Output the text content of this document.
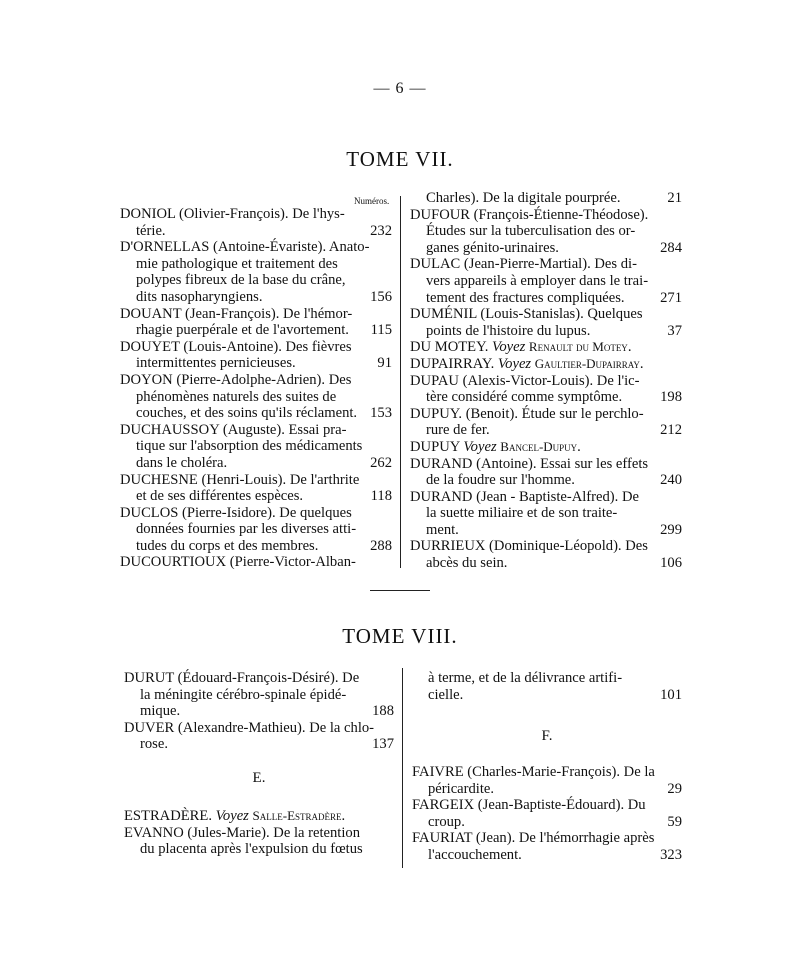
— 6 —
TOME VII.
Numéros.
DONIOL (Olivier-François). De l'hys-
térie.	232
D'ORNELLAS (Antoine-Évariste). Anato-
mie pathologique et traitement des
polypes fibreux de la base du crâne,
dits nasopharyngiens.	156
DOUANT (Jean-François). De l'hémor-
rhagie puerpérale et de l'avortement.	115
DOUYET (Louis-Antoine). Des fièvres
intermittentes pernicieuses.	91
DOYON (Pierre-Adolphe-Adrien). Des
phénomènes naturels des suites de
couches, et des soins qu'ils réclament. 153
DUCHAUSSOY (Auguste). Essai pra-
tique sur l'absorption des médicaments
dans le choléra.	262
DUCHESNE (Henri-Louis). De l'arthrite
et de ses différentes espèces.	118
DUCLOS (Pierre-Isidore). De quelques
données fournies par les diverses atti-
tudes du corps et des membres.	288
DUCOURTIOUX (Pierre-Victor-Alban-
Charles). De la digitale pourprée.	21
DUFOUR (François-Étienne-Théodose).
Études sur la tuberculisation des or-
ganes génito-urinaires.	284
DULAC (Jean-Pierre-Martial). Des di-
vers appareils à employer dans le trai-
tement des fractures compliquées.	271
DUMÉNIL (Louis-Stanislas). Quelques
points de l'histoire du lupus.	37
DU MOTEY. Voyez Renault du Motey.
DUPAIRRAY. Voyez Gaultier-Dupairray.
DUPAU (Alexis-Victor-Louis). De l'ic-
tère considéré comme symptôme.	198
DUPUY. (Benoit). Étude sur le perchlo-
rure de fer.	212
DUPUY Voyez Bancel-Dupuy.
DURAND (Antoine). Essai sur les effets
de la foudre sur l'homme.	240
DURAND (Jean - Baptiste-Alfred). De
la suette miliaire et de son traite-
ment.	299
DURRIEUX (Dominique-Léopold). Des
abcès du sein.	106
TOME VIII.
DURUT (Édouard-François-Désiré). De
la méningite cérébro-spinale épidé-
mique.	188
DUVER (Alexandre-Mathieu). De la chlo-
rose.	137
E.
ESTRADÈRE. Voyez Salle-Estradère.
EVANNO (Jules-Marie). De la retention
du placenta après l'expulsion du fœtus
à terme, et de la délivrance artifi-
cielle.	101
F.
FAIVRE (Charles-Marie-François). De la
péricardite.	29
FARGEIX (Jean-Baptiste-Édouard). Du
croup.	59
FAURIAT (Jean). De l'hémorrhagie après
l'accouchement.	323
